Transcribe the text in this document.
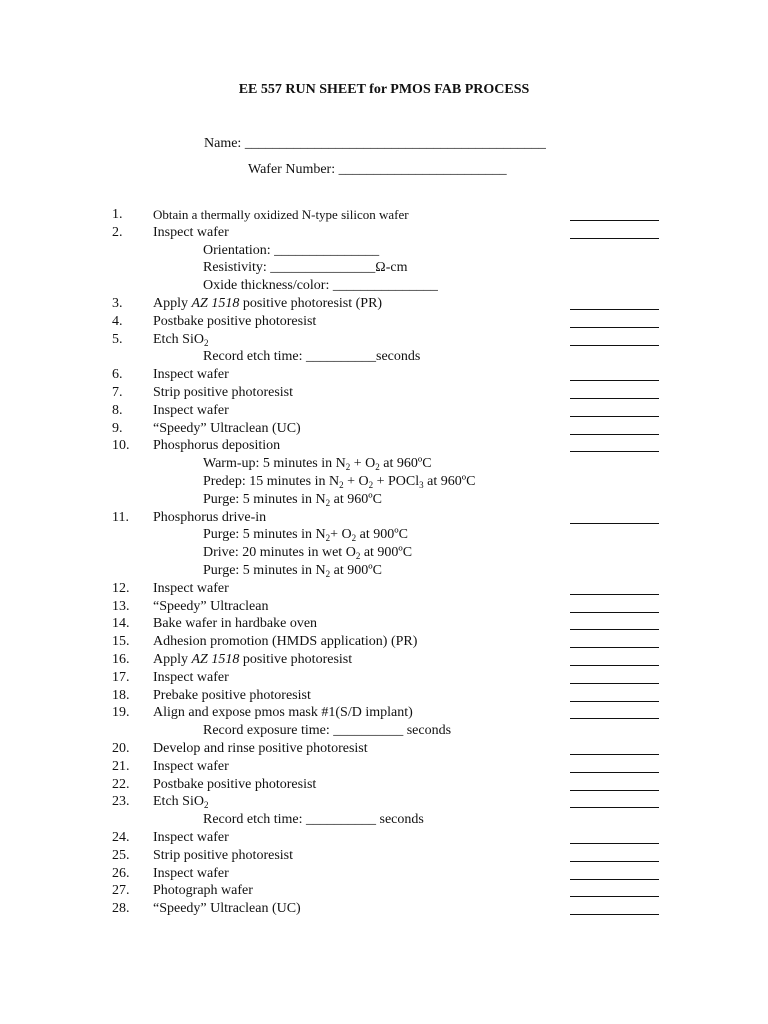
EE 557 RUN SHEET for PMOS FAB PROCESS
Name: ___________________________________________
Wafer Number: ________________________
1.	Obtain a thermally oxidized N-type silicon wafer
2.	Inspect wafer
Orientation: _______________
Resistivity: _______________Ω-cm
Oxide thickness/color: _______________
3.	Apply AZ 1518 positive photoresist (PR)
4.	Postbake positive photoresist
5.	Etch SiO$_2$
Record etch time: __________seconds
6.	Inspect wafer
7.	Strip positive photoresist
8.	Inspect wafer
9.	“Speedy” Ultraclean (UC)
10.	Phosphorus deposition
Warm-up: 5 minutes in $N_2 + O_2$ at 960ºC
Predep: 15 minutes in $N_2 + O_2$ + POCl$_3$ at 960ºC
Purge: 5 minutes in $N_2$ at 960ºC
11.	Phosphorus drive-in
Purge: 5 minutes in $N_2+ O_2$ at 900ºC
Drive: 20 minutes in wet $O_2$ at 900ºC
Purge: 5 minutes in $N_2$ at 900ºC
12.	Inspect wafer
13.	“Speedy” Ultraclean
14.	Bake wafer in hardbake oven
15.	Adhesion promotion (HMDS application) (PR)
16.	Apply AZ 1518 positive photoresist
17.	Inspect wafer
18.	Prebake positive photoresist
19.	Align and expose pmos mask #1(S/D implant)
Record exposure time: __________ seconds
20.	Develop and rinse positive photoresist
21.	Inspect wafer
22.	Postbake positive photoresist
23.	Etch SiO$_2$
Record etch time: __________ seconds
24.	Inspect wafer
25.	Strip positive photoresist
26.	Inspect wafer
27.	Photograph wafer
28.	“Speedy” Ultraclean (UC)
